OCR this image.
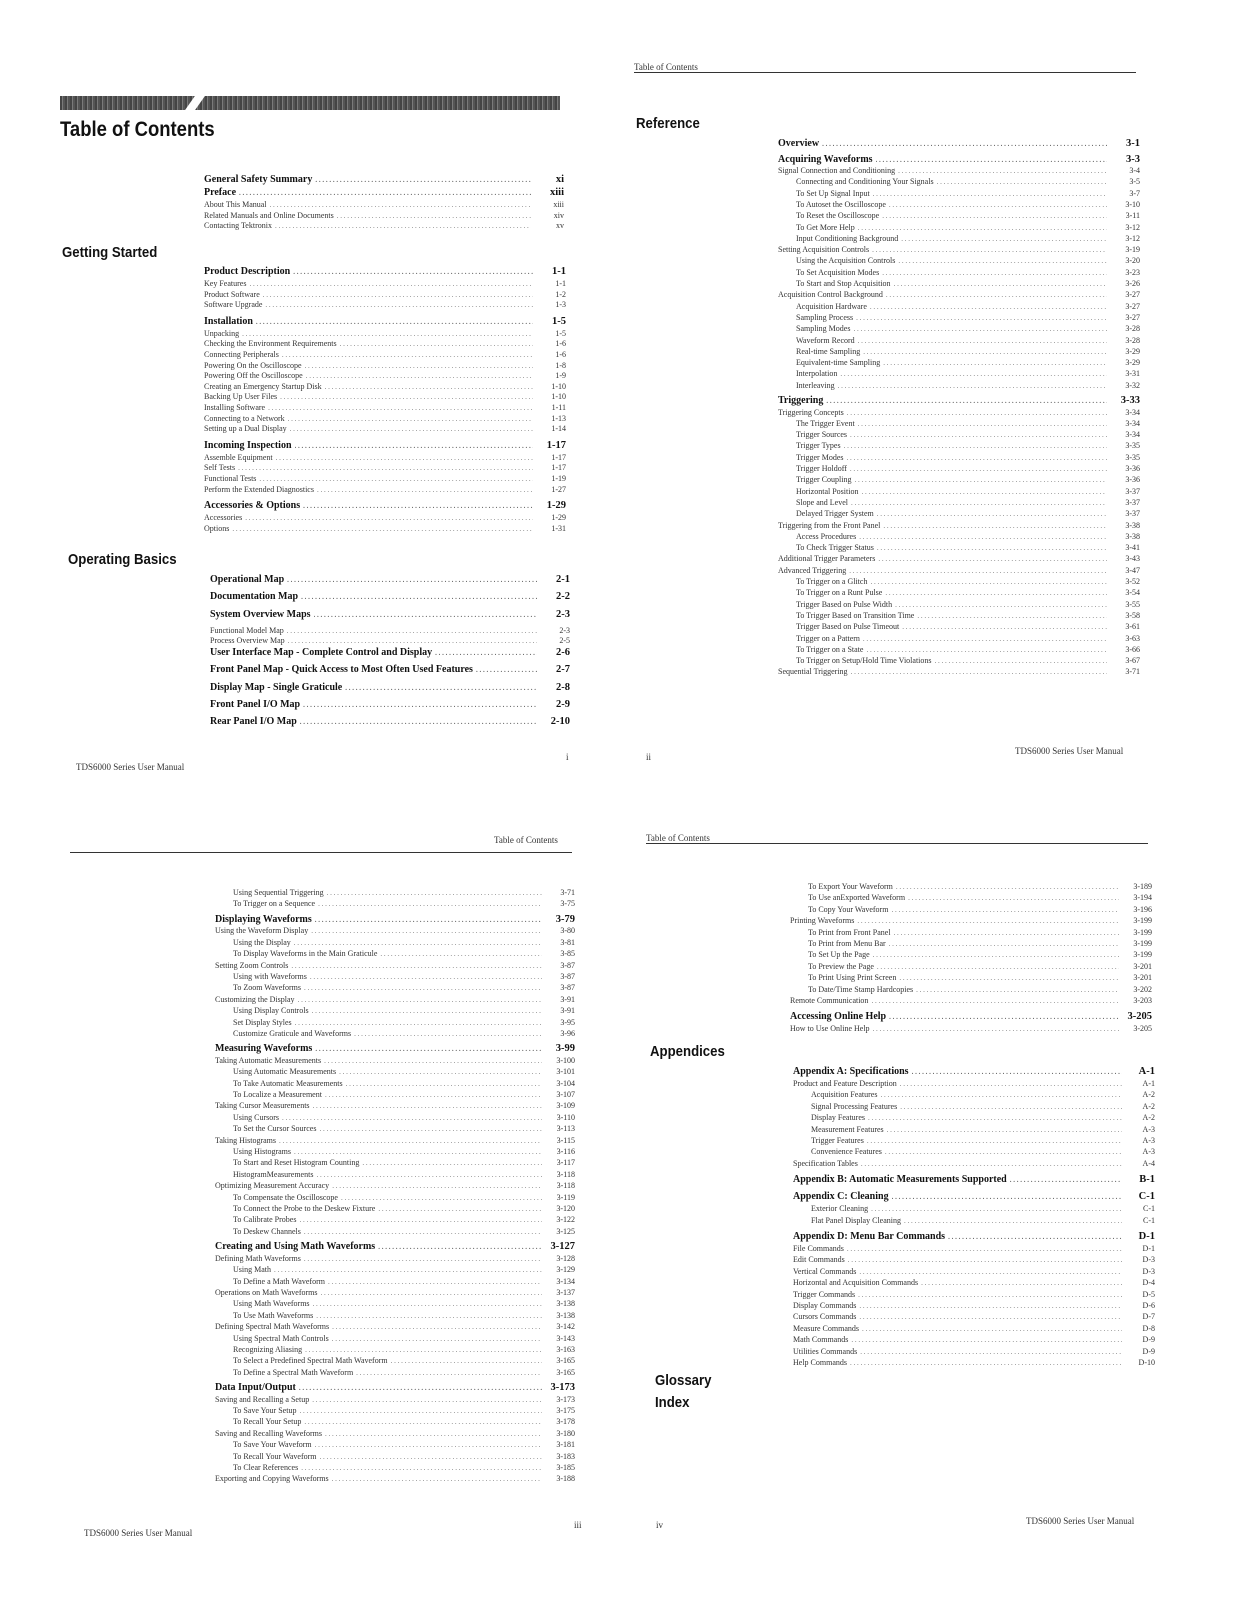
Table of Contents
Getting Started
Operating Basics
TDS6000 Series User Manual
i
Table of Contents
Reference
ii
TDS6000 Series User Manual
Table of Contents
TDS6000 Series User Manual
iii
Table of Contents
Appendices
Glossary
Index
iv	TDS6000 Series User Manual
General Safety Summary . . .	xi
Preface . . .	xiii
About This Manual . . .	xiii
Related Manuals and Online Documents . . .	xiv
Contacting Tektronix . . .	xv
Product Description . . .	1-1
Key Features . . .	1-1
Product Software . . .	1-2
Software Upgrade . . .	1-3
Installation . . .	1-5
Unpacking . . .	1-5
Checking the Environment Requirements . . .	1-6
Connecting Peripherals . . .	1-6
Powering On the Oscilloscope . . .	1-8
Powering Off the Oscilloscope . . .	1-9
Creating an Emergency Startup Disk . . .	1-10
Backing Up User Files . . .	1-10
Installing Software . . .	1-11
Connecting to a Network . . .	1-13
Setting up a Dual Display . . .	1-14
Incoming Inspection . . .	1-17
Assemble Equipment . . .	1-17
Self Tests . . .	1-17
Functional Tests . . .	1-19
Perform the Extended Diagnostics . . .	1-27
Accessories & Options . . .	1-29
Accessories . . .	1-29
Options . . .	1-31
Operational Map . . .	2-1
Documentation Map . . .	2-2
System Overview Maps . . .	2-3
Functional Model Map . . .	2-3
Process Overview Map . . .	2-5
User Interface Map - Complete Control and Display . . .	2-6
Front Panel Map - Quick Access to Most Often Used Features . . .	2-7
Display Map - Single Graticule . . .	2-8
Front Panel I/O Map . . .	2-9
Rear Panel I/O Map . . .	2-10
Overview . . .	3-1
Acquiring Waveforms . . .	3-3
Signal Connection and Conditioning . . .	3-4
Connecting and Conditioning Your Signals . . .	3-5
To Set Up Signal Input . . .	3-7
To Autoset the Oscilloscope . . .	3-10
To Reset the Oscilloscope . . .	3-11
To Get More Help . . .	3-12
Input Conditioning Background . . .	3-12
Setting Acquisition Controls . . .	3-19
Using the Acquisition Controls . . .	3-20
To Set Acquisition Modes . . .	3-23
To Start and Stop Acquisition . . .	3-26
Acquisition Control Background . . .	3-27
Acquisition Hardware . . .	3-27
Sampling Process . . .	3-27
Sampling Modes . . .	3-28
Waveform Record . . .	3-28
Real-time Sampling . . .	3-29
Equivalent-time Sampling . . .	3-29
Interpolation . . .	3-31
Interleaving . . .	3-32
Triggering . . .	3-33
Triggering Concepts . . .	3-34
The Trigger Event . . .	3-34
Trigger Sources . . .	3-34
Trigger Types . . .	3-35
Trigger Modes . . .	3-35
Trigger Holdoff . . .	3-36
Trigger Coupling . . .	3-36
Horizontal Position . . .	3-37
Slope and Level . . .	3-37
Delayed Trigger System . . .	3-37
Triggering from the Front Panel . . .	3-38
Access Procedures . . .	3-38
To Check Trigger Status . . .	3-41
Additional Trigger Parameters . . .	3-43
Advanced Triggering . . .	3-47
To Trigger on a Glitch . . .	3-52
To Trigger on a Runt Pulse . . .	3-54
Trigger Based on Pulse Width . . .	3-55
To Trigger Based on Transition Time . . .	3-58
Trigger Based on Pulse Timeout . . .	3-61
Trigger on a Pattern . . .	3-63
To Trigger on a State . . .	3-66
To Trigger on Setup/Hold Time Violations . . .	3-67
Sequential Triggering . . .	3-71
Using Sequential Triggering . . .	3-71
To Trigger on a Sequence . . .	3-75
Displaying Waveforms . . .	3-79
Using the Waveform Display . . .	3-80
Using the Display . . .	3-81
To Display Waveforms in the Main Graticule . . .	3-85
Setting Zoom Controls . . .	3-87
Using with Waveforms . . .	3-87
To Zoom Waveforms . . .	3-87
Customizing the Display . . .	3-91
Using Display Controls . . .	3-91
Set Display Styles . . .	3-95
Customize Graticule and Waveforms . . .	3-96
Measuring Waveforms . . .	3-99
Taking Automatic Measurements . . .	3-100
Using Automatic Measurements . . .	3-101
To Take Automatic Measurements . . .	3-104
To Localize a Measurement . . .	3-107
Taking Cursor Measurements . . .	3-109
Using Cursors . . .	3-110
To Set the Cursor Sources . . .	3-113
Taking Histograms . . .	3-115
Using Histograms . . .	3-116
To Start and Reset Histogram Counting . . .	3-117
HistogramMeasurements . . .	3-118
Optimizing Measurement Accuracy . . .	3-118
To Compensate the Oscilloscope . . .	3-119
To Connect the Probe to the Deskew Fixture . . .	3-120
To Calibrate Probes . . .	3-122
To Deskew Channels . . .	3-125
Creating and Using Math Waveforms . . .	3-127
Defining Math Waveforms . . .	3-128
Using Math . . .	3-129
To Define a Math Waveform . . .	3-134
Operations on Math Waveforms . . .	3-137
Using Math Waveforms . . .	3-138
To Use Math Waveforms . . .	3-138
Defining Spectral Math Waveforms . . .	3-142
Using Spectral Math Controls . . .	3-143
Recognizing Aliasing . . .	3-163
To Select a Predefined Spectral Math Waveform . . .	3-165
To Define a Spectral Math Waveform . . .	3-165
Data Input/Output . . .	3-173
Saving and Recalling a Setup . . .	3-173
To Save Your Setup . . .	3-175
To Recall Your Setup . . .	3-178
Saving and Recalling Waveforms . . .	3-180
To Save Your Waveform . . .	3-181
To Recall Your Waveform . . .	3-183
To Clear References . . .	3-185
Exporting and Copying Waveforms . . .	3-188
To Export Your Waveform . . .	3-189
To Use anExported Waveform . . .	3-194
To Copy Your Waveform . . .	3-196
Printing Waveforms . . .	3-199
To Print from Front Panel . . .	3-199
To Print from Menu Bar . . .	3-199
To Set Up the Page . . .	3-199
To Preview the Page . . .	3-201
To Print Using Print Screen . . .	3-201
To Date/Time Stamp Hardcopies . . .	3-202
Remote Communication . . .	3-203
Accessing Online Help . . .	3-205
How to Use Online Help . . .	3-205
Appendix A: Specifications . . .	A-1
Product and Feature Description . . .	A-1
Acquisition Features . . .	A-2
Signal Processing Features . . .	A-2
Display Features . . .	A-2
Measurement Features . . .	A-3
Trigger Features . . .	A-3
Convenience Features . . .	A-3
Specification Tables . . .	A-4
Appendix B: Automatic Measurements Supported . . .	B-1
Appendix C: Cleaning . . .	C-1
Exterior Cleaning . . .	C-1
Flat Panel Display Cleaning . . .	C-1
Appendix D: Menu Bar Commands . . .	D-1
File Commands . . .	D-1
Edit Commands . . .	D-3
Vertical Commands . . .	D-3
Horizontal and Acquisition Commands . . .	D-4
Trigger Commands . . .	D-5
Display Commands . . .	D-6
Cursors Commands . . .	D-7
Measure Commands . . .	D-8
Math Commands . . .	D-9
Utilities Commands . . .	D-9
Help Commands . . .	D-10
